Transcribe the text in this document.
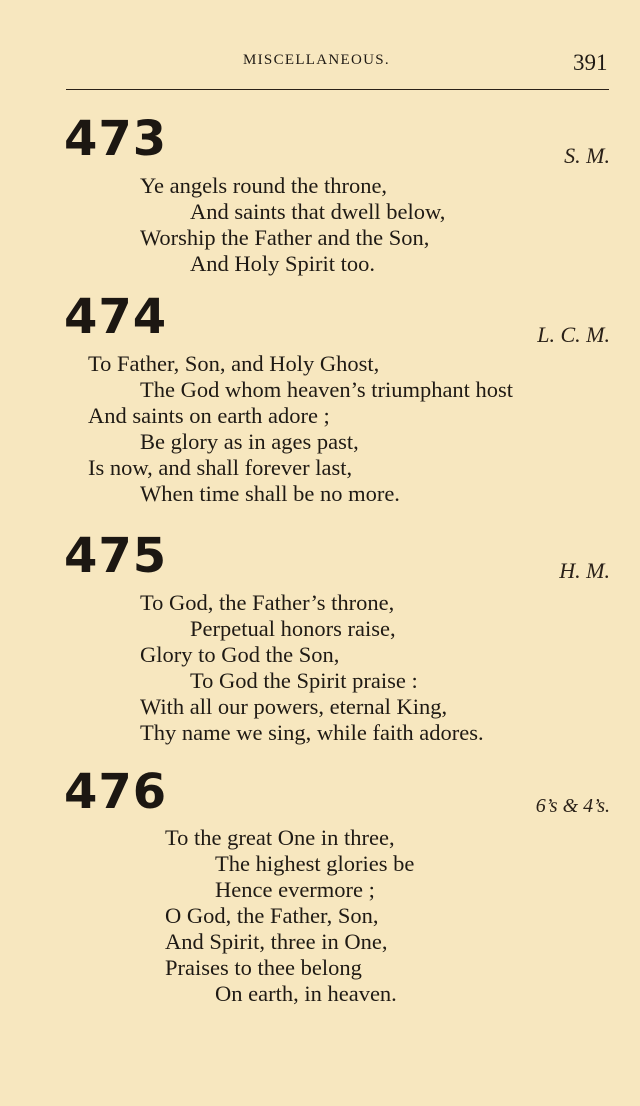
MISCELLANEOUS.	391
473	S. M.
Ye angels round the throne,
And saints that dwell below,
Worship the Father and the Son,
And Holy Spirit too.
474	L. C. M.
To Father, Son, and Holy Ghost,
The God whom heaven’s triumphant host
And saints on earth adore ;
Be glory as in ages past,
Is now, and shall forever last,
When time shall be no more.
475	H. M.
To God, the Father’s throne,
Perpetual honors raise,
Glory to God the Son,
To God the Spirit praise :
With all our powers, eternal King,
Thy name we sing, while faith adores.
476	6’s & 4’s.
To the great One in three,
The highest glories be
Hence evermore ;
O God, the Father, Son,
And Spirit, three in One,
Praises to thee belong
On earth, in heaven.
